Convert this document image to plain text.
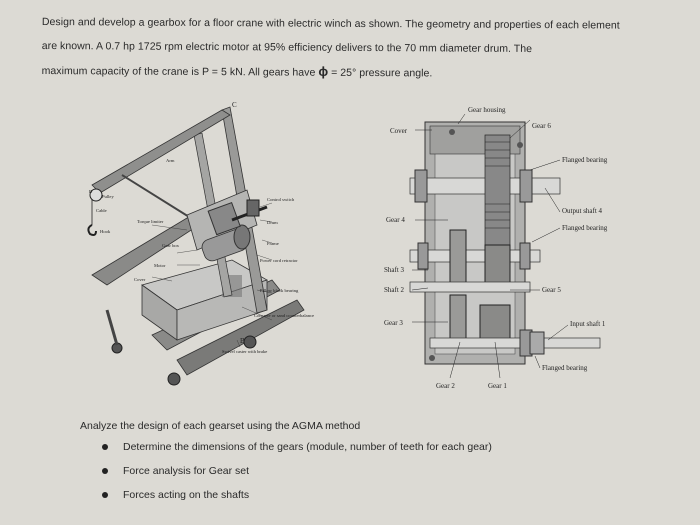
Design and develop a gearbox for a floor crane with electric winch as shown. The geometry and properties of each element

are known. A 0.7 hp 1725 rpm electric motor at 95% efficiency delivers to the 70 mm diameter drum. The

maximum capacity of the crane is P = 5 kN. All gears have ɸ = 25° pressure angle.

C
D
Arm
Pulley
Cable
Hook
Torque limiter
Gear box
Motor
Cover
Control switch
Drum
Frame
Power cord retractor
Pillow block bearing
Concrete or sand counterbalance
B
Swivel caster with brake
Gear housing
Gear 6
Cover
Flanged bearing
Gear 4
Output shaft 4
Flanged bearing
Shaft 3
Shaft 2	Gear 5
Gear 3	Input shaft 1
Flanged bearing
Gear 2	Gear 1

Analyze the design of each gearset using the AGMA method

Determine the dimensions of the gears (module, number of teeth for each gear)
Force analysis for Gear set
Forces acting on the shafts
